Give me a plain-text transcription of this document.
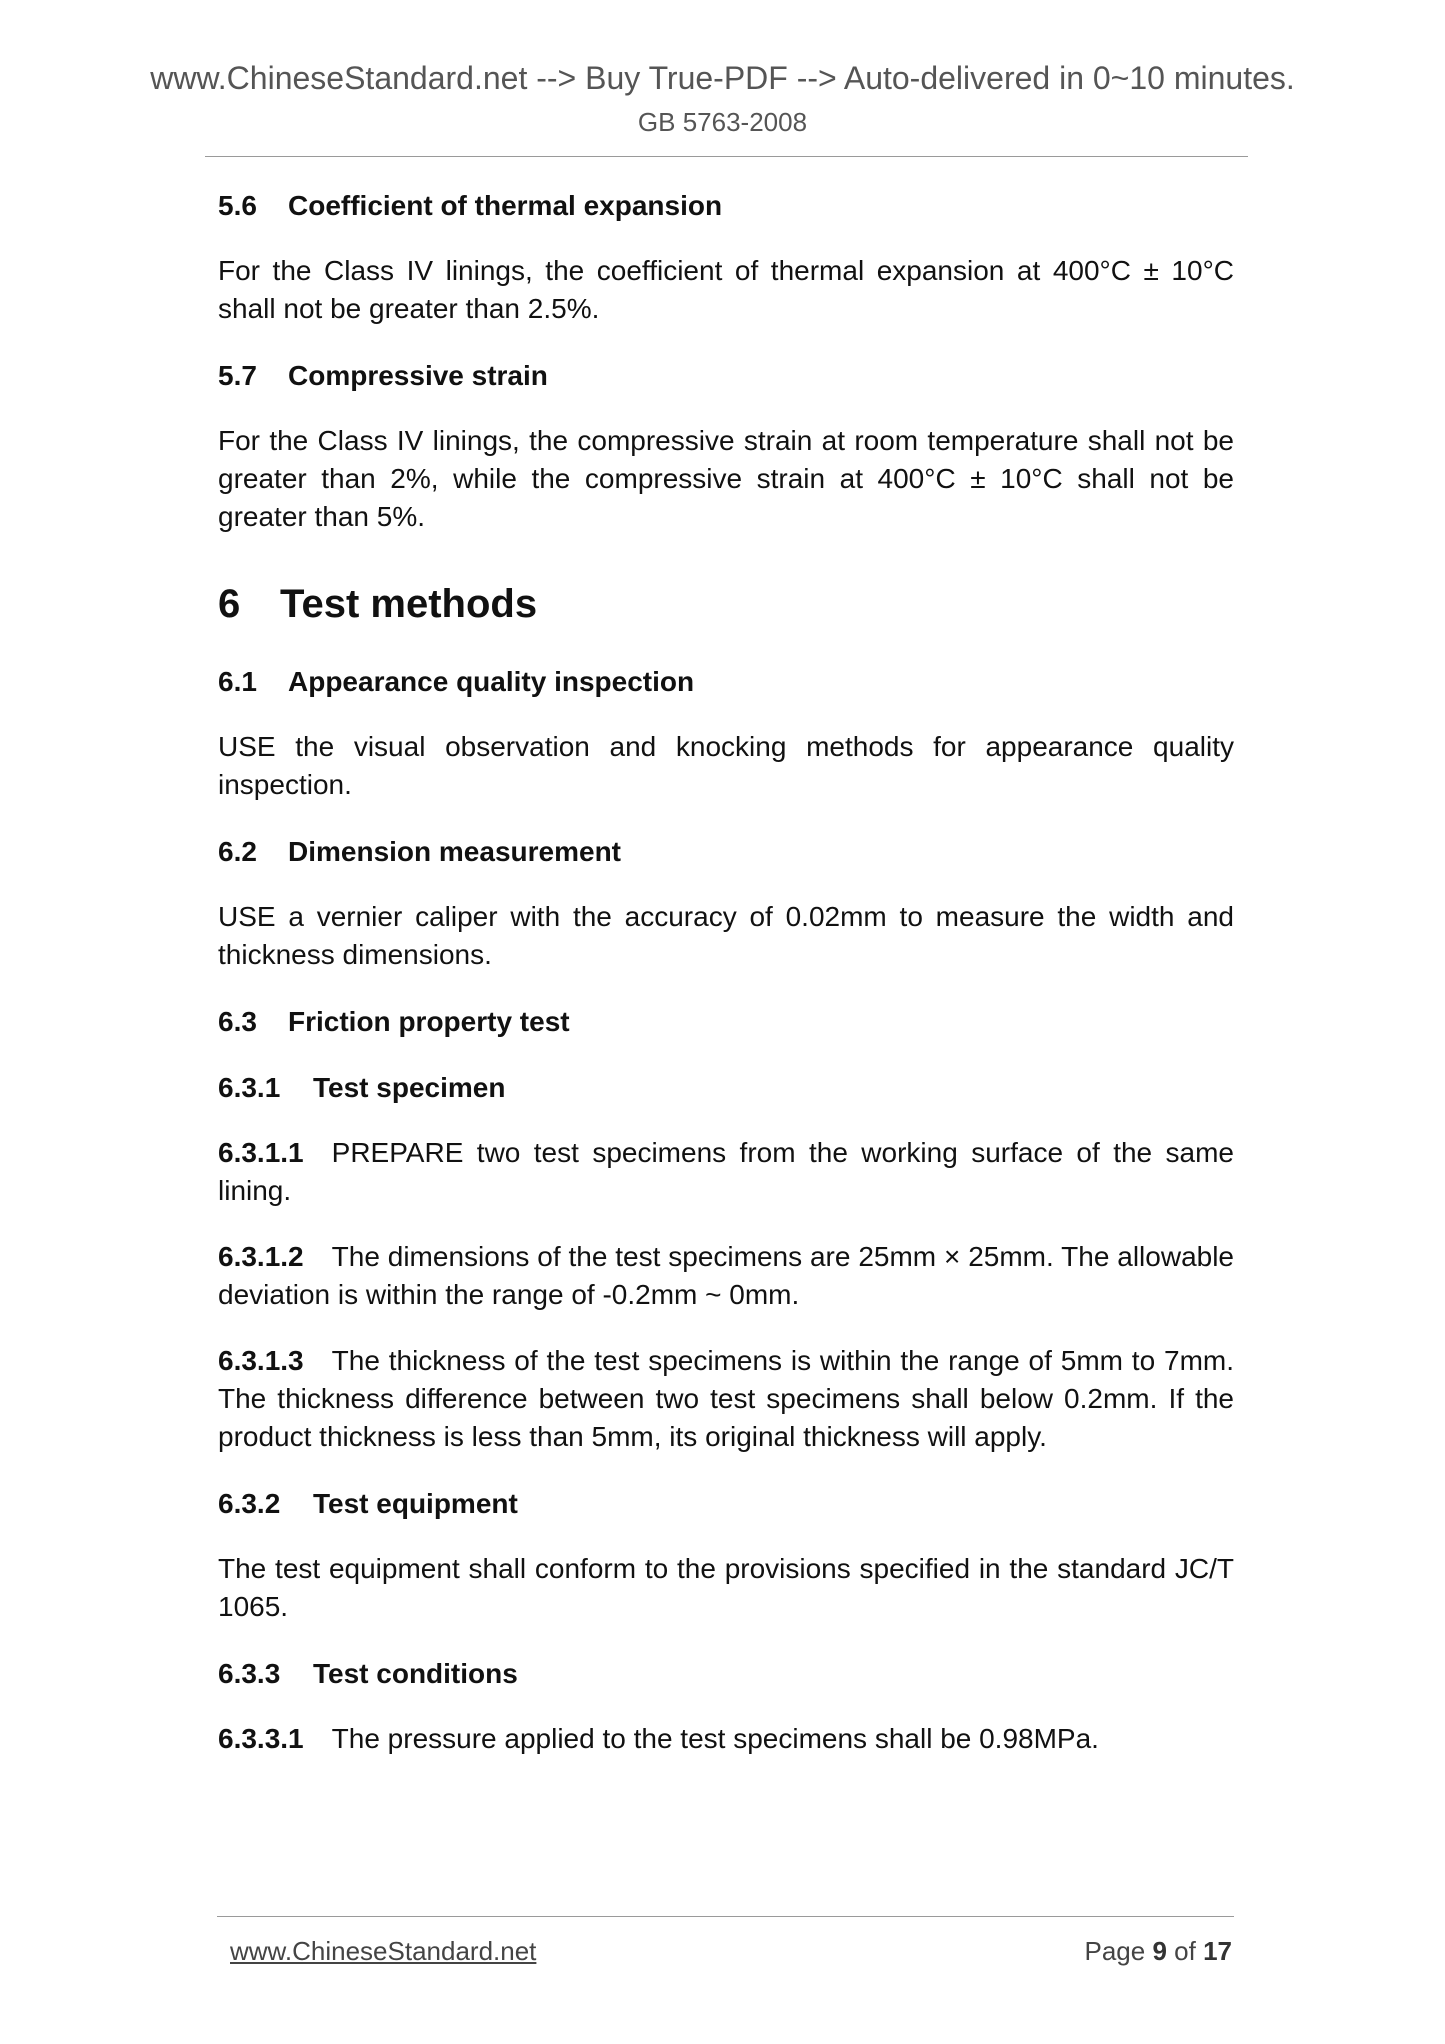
www.ChineseStandard.net --> Buy True-PDF --> Auto-delivered in 0~10 minutes.
GB 5763-2008
5.6	Coefficient of thermal expansion

For the Class IV linings, the coefficient of thermal expansion at 400°C ± 10°C shall not be greater than 2.5%.

5.7	Compressive strain

For the Class IV linings, the compressive strain at room temperature shall not be greater than 2%, while the compressive strain at 400°C ± 10°C shall not be greater than 5%.

6 Test methods
6.1	Appearance quality inspection

USE the visual observation and knocking methods for appearance quality inspection.

6.2	Dimension measurement

USE a vernier caliper with the accuracy of 0.02mm to measure the width and thickness dimensions.

6.3	Friction property test
6.3.1	Test specimen

6.3.1.1 PREPARE two test specimens from the working surface of the same lining.

6.3.1.2 The dimensions of the test specimens are 25mm × 25mm. The allowable deviation is within the range of -0.2mm ~ 0mm.

6.3.1.3 The thickness of the test specimens is within the range of 5mm to 7mm. The thickness difference between two test specimens shall below 0.2mm. If the product thickness is less than 5mm, its original thickness will apply.

6.3.2	Test equipment

The test equipment shall conform to the provisions specified in the standard JC/T 1065.

6.3.3	Test conditions

6.3.3.1 The pressure applied to the test specimens shall be 0.98MPa.

www.ChineseStandard.net	Page 9 of 17
